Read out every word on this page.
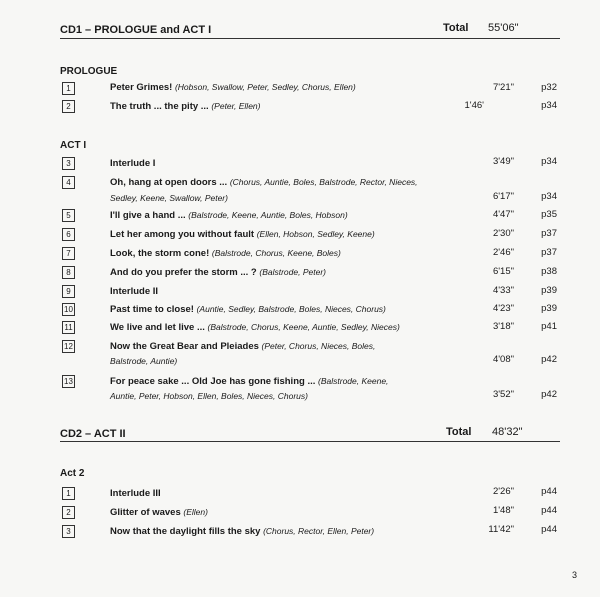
CD1 – PROLOGUE and ACT I	Total 55'06"
PROLOGUE
1	Peter Grimes! (Hobson, Swallow, Peter, Sedley, Chorus, Ellen)	7'21"	p32
2	The truth ... the pity ... (Peter, Ellen)	1'46'	p34
ACT I
3	Interlude I	3'49"	p34
4	Oh, hang at open doors ... (Chorus, Auntie, Boles, Balstrode, Rector, Nieces,
Sedley, Keene, Swallow, Peter)	6'17"	p34
5	I'll give a hand ... (Balstrode, Keene, Auntie, Boles, Hobson)	4'47"	p35
6	Let her among you without fault (Ellen, Hobson, Sedley, Keene)	2'30"	p37
7	Look, the storm cone! (Balstrode, Chorus, Keene, Boles)	2'46"	p37
8	And do you prefer the storm ... ? (Balstrode, Peter)	6'15"	p38
9	Interlude II	4'33"	p39
10	Past time to close! (Auntie, Sedley, Balstrode, Boles, Nieces, Chorus)	4'23"	p39
11	We live and let live ... (Balstrode, Chorus, Keene, Auntie, Sedley, Nieces)	3'18"	p41
12	Now the Great Bear and Pleiades (Peter, Chorus, Nieces, Boles,
Balstrode, Auntie)	4'08"	p42
13	For peace sake ... Old Joe has gone fishing ... (Balstrode, Keene,
Auntie, Peter, Hobson, Ellen, Boles, Nieces, Chorus)	3'52"	p42
CD2 – ACT II	Total 48'32"
Act 2
1	Interlude III	2'26"	p44
2	Glitter of waves (Ellen)	1'48"	p44
3	Now that the daylight fills the sky (Chorus, Rector, Ellen, Peter)	11'42"	p44
3
